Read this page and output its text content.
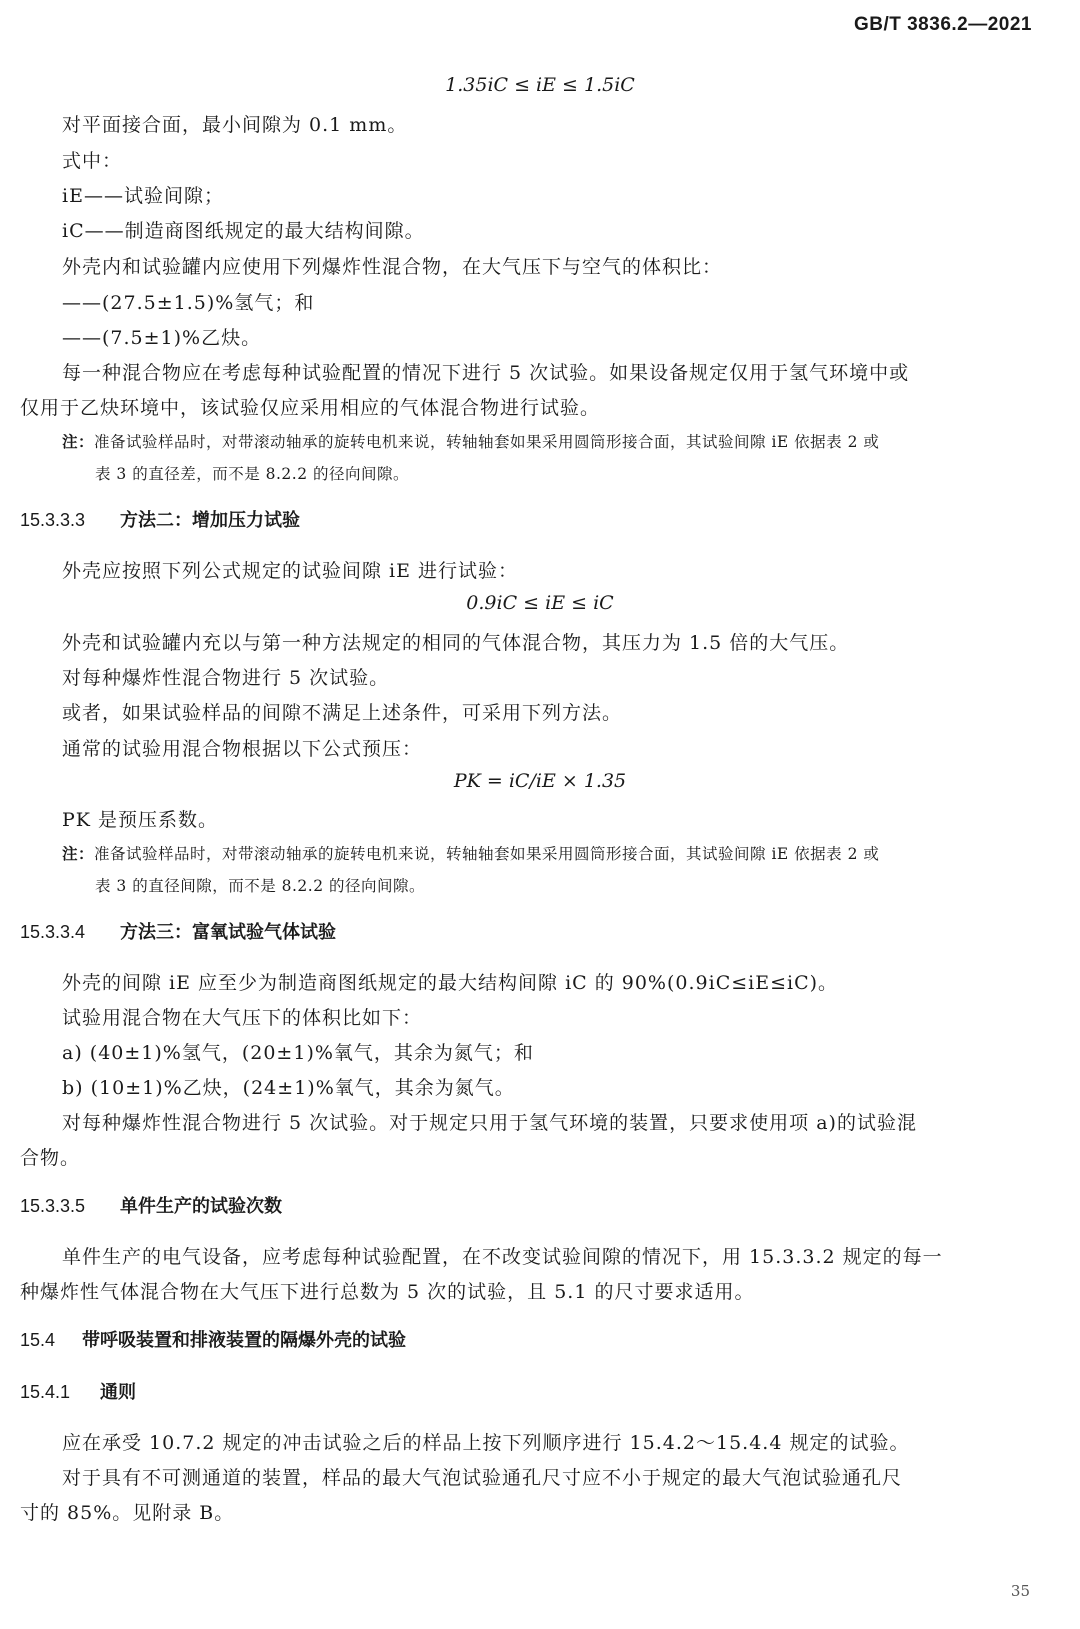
GB/T 3836.2—2021
1.35iC ≤ iE ≤ 1.5iC
对平面接合面，最小间隙为 0.1 mm。
式中：
iE——试验间隙；
iC——制造商图纸规定的最大结构间隙。
外壳内和试验罐内应使用下列爆炸性混合物，在大气压下与空气的体积比：
——(27.5±1.5)%氢气；和
——(7.5±1)%乙炔。
每一种混合物应在考虑每种试验配置的情况下进行 5 次试验。如果设备规定仅用于氢气环境中或
仅用于乙炔环境中，该试验仅应采用相应的气体混合物进行试验。
注：准备试验样品时，对带滚动轴承的旋转电机来说，转轴轴套如果采用圆筒形接合面，其试验间隙 iE 依据表 2 或
表 3 的直径差，而不是 8.2.2 的径向间隙。
15.3.3.3 方法二：增加压力试验
外壳应按照下列公式规定的试验间隙 iE 进行试验：
0.9iC ≤ iE ≤ iC
外壳和试验罐内充以与第一种方法规定的相同的气体混合物，其压力为 1.5 倍的大气压。
对每种爆炸性混合物进行 5 次试验。
或者，如果试验样品的间隙不满足上述条件，可采用下列方法。
通常的试验用混合物根据以下公式预压：
PK = iC/iE × 1.35
PK 是预压系数。
注：准备试验样品时，对带滚动轴承的旋转电机来说，转轴轴套如果采用圆筒形接合面，其试验间隙 iE 依据表 2 或
表 3 的直径间隙，而不是 8.2.2 的径向间隙。
15.3.3.4 方法三：富氧试验气体试验
外壳的间隙 iE 应至少为制造商图纸规定的最大结构间隙 iC 的 90%(0.9iC≤iE≤iC)。
试验用混合物在大气压下的体积比如下：
a) (40±1)%氢气，(20±1)%氧气，其余为氮气；和
b) (10±1)%乙炔，(24±1)%氧气，其余为氮气。
对每种爆炸性混合物进行 5 次试验。对于规定只用于氢气环境的装置，只要求使用项 a)的试验混
合物。
15.3.3.5 单件生产的试验次数
单件生产的电气设备，应考虑每种试验配置，在不改变试验间隙的情况下，用 15.3.3.2 规定的每一
种爆炸性气体混合物在大气压下进行总数为 5 次的试验，且 5.1 的尺寸要求适用。
15.4 带呼吸装置和排液装置的隔爆外壳的试验
15.4.1 通则
应在承受 10.7.2 规定的冲击试验之后的样品上按下列顺序进行 15.4.2～15.4.4 规定的试验。
对于具有不可测通道的装置，样品的最大气泡试验通孔尺寸应不小于规定的最大气泡试验通孔尺
寸的 85%。见附录 B。
35
